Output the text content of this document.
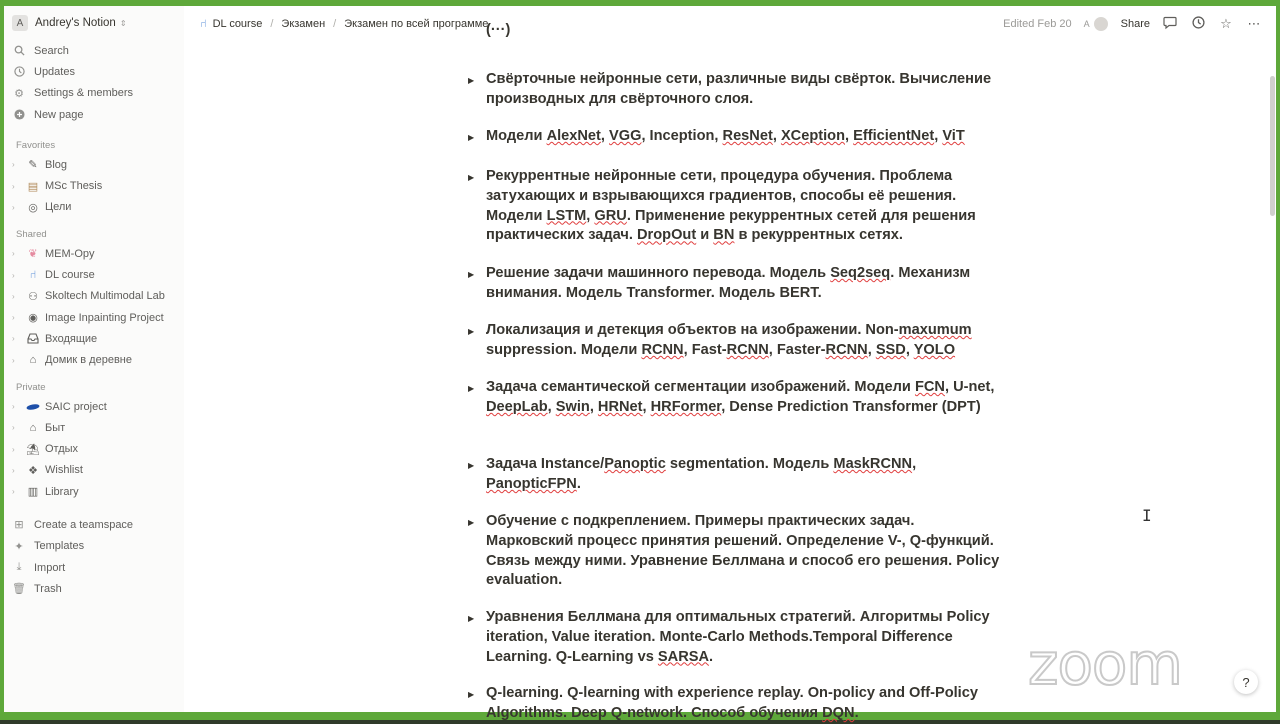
A	Andrey's Notion ⇕
Search
Updates
⚙ Settings & members
New page
Favorites
›	✎ Blog
›	▤ MSc Thesis
›	◎ Цели
Shared
›	❦ MEM-Opy
›	⑁ DL course
›	⚇ Skoltech Multimodal Lab
›	◉ Image Inpainting Project
›	Входящие
›	⌂ Домик в деревне
Private
›	SAIC project
›	⌂ Быт
›	⛱ Отдых
›	❖ Wishlist
›	▥ Library
⊞ Create a teamspace
✦ Templates
⤓	Import
🗑 Trash
⑁ DL course / Экзамен / Экзамен по всей программе	Edited Feb 20 A	Share	☆ ⋯
(···)
▶ Свёрточные нейронные сети, различные виды свёрток. Вычисление производных для свёрточного слоя.
▶ Модели AlexNet, VGG, Inception, ResNet, XCeption, EfficientNet, ViT
▶ Рекуррентные нейронные сети, процедура обучения. Проблема затухающих и взрывающихся градиентов, способы её решения. Модели LSTM, GRU. Применение рекуррентных сетей для решения практических задач. DropOut и BN в рекуррентных сетях.
▶ Решение задачи машинного перевода. Модель Seq2seq. Механизм внимания. Модель Transformer. Модель BERT.
▶ Локализация и детекция объектов на изображении. Non-maxumum suppression. Модели RCNN, Fast-RCNN, Faster-RCNN, SSD, YOLO
▶ Задача семантической сегментации изображений. Модели FCN, U-net, DeepLab, Swin, HRNet, HRFormer, Dense Prediction Transformer (DPT)
▶ Задача Instance/Panoptic segmentation. Модель MaskRCNN, PanopticFPN.
▶ Обучение с подкреплением. Примеры практических задач. Марковский процесс принятия решений. Определение V-, Q-функций. Связь между ними. Уравнение Беллмана и способ его решения. Policy evaluation.
▶ Уравнения Беллмана для оптимальных стратегий. Алгоритмы Policy iteration, Value iteration. Monte-Carlo Methods.Temporal Difference Learning. Q-Learning vs SARSA.
▶ Q-learning. Q-learning with experience replay. On-policy and Off-Policy Algorithms. Deep Q-network. Способ обучения DQN.
zoom
I
?
